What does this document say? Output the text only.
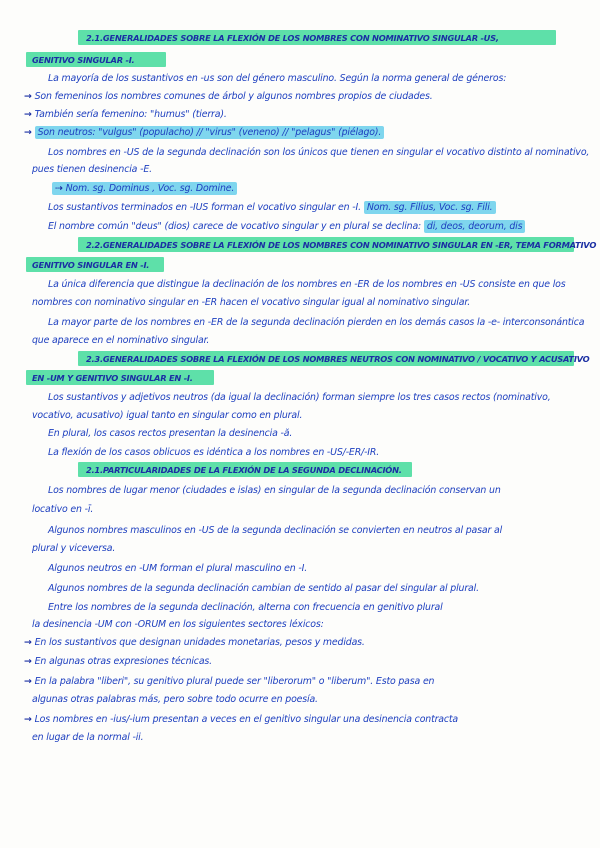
2.1.GENERALIDADES SOBRE LA FLEXIÓN DE LOS NOMBRES CON NOMINATIVO SINGULAR -US,
GENITIVO SINGULAR -I.
La mayoría de los sustantivos en -us son del género masculino. Según la norma general de géneros:
→ Son femeninos los nombres comunes de árbol y algunos nombres propios de ciudades.
→ También sería femenino: "humus" (tierra).
→ Son neutros: "vulgus" (populacho) // "virus" (veneno) // "pelagus" (piélago).
Los nombres en -US de la segunda declinación son los únicos que tienen en singular el vocativo distinto al nominativo,
pues tienen desinencia -E.
⇢ Nom. sg. Dominus , Voc. sg. Domine.
Los sustantivos terminados en -IUS forman el vocativo singular en -I. Nom. sg. Filius, Voc. sg. Fili.
El nombre común "deus" (dios) carece de vocativo singular y en plural se declina: di, deos, deorum, dis
2.2.GENERALIDADES SOBRE LA FLEXIÓN DE LOS NOMBRES CON NOMINATIVO SINGULAR EN -ER, TEMA FORMATIVO
GENITIVO SINGULAR EN -I.
La única diferencia que distingue la declinación de los nombres en -ER de los nombres en -US consiste en que los
nombres con nominativo singular en -ER hacen el vocativo singular igual al nominativo singular.
La mayor parte de los nombres en -ER de la segunda declinación pierden en los demás casos la -e- interconsonántica
que aparece en el nominativo singular.
2.3.GENERALIDADES SOBRE LA FLEXIÓN DE LOS NOMBRES NEUTROS CON NOMINATIVO / VOCATIVO Y ACUSATIVO
EN -UM Y GENITIVO SINGULAR EN -I.
Los sustantivos y adjetivos neutros (da igual la declinación) forman siempre los tres casos rectos (nominativo,
vocativo, acusativo) igual tanto en singular como en plural.
En plural, los casos rectos presentan la desinencia -ă.
La flexión de los casos oblicuos es idéntica a los nombres en -US/-ER/-IR.
2.1.PARTICULARIDADES DE LA FLEXIÓN DE LA SEGUNDA DECLINACIÓN.
Los nombres de lugar menor (ciudades e islas) en singular de la segunda declinación conservan un
locativo en -ī.
Algunos nombres masculinos en -US de la segunda declinación se convierten en neutros al pasar al
plural y viceversa.
Algunos neutros en -UM forman el plural masculino en -I.
Algunos nombres de la segunda declinación cambian de sentido al pasar del singular al plural.
Entre los nombres de la segunda declinación, alterna con frecuencia en genitivo plural
la desinencia -UM con -ORUM en los siguientes sectores léxicos:
→ En los sustantivos que designan unidades monetarias, pesos y medidas.
→ En algunas otras expresiones técnicas.
→ En la palabra "liberi", su genitivo plural puede ser "liberorum" o "liberum". Esto pasa en
algunas otras palabras más, pero sobre todo ocurre en poesía.
→ Los nombres en -ius/-ium presentan a veces en el genitivo singular una desinencia contracta
en lugar de la normal -ii.
